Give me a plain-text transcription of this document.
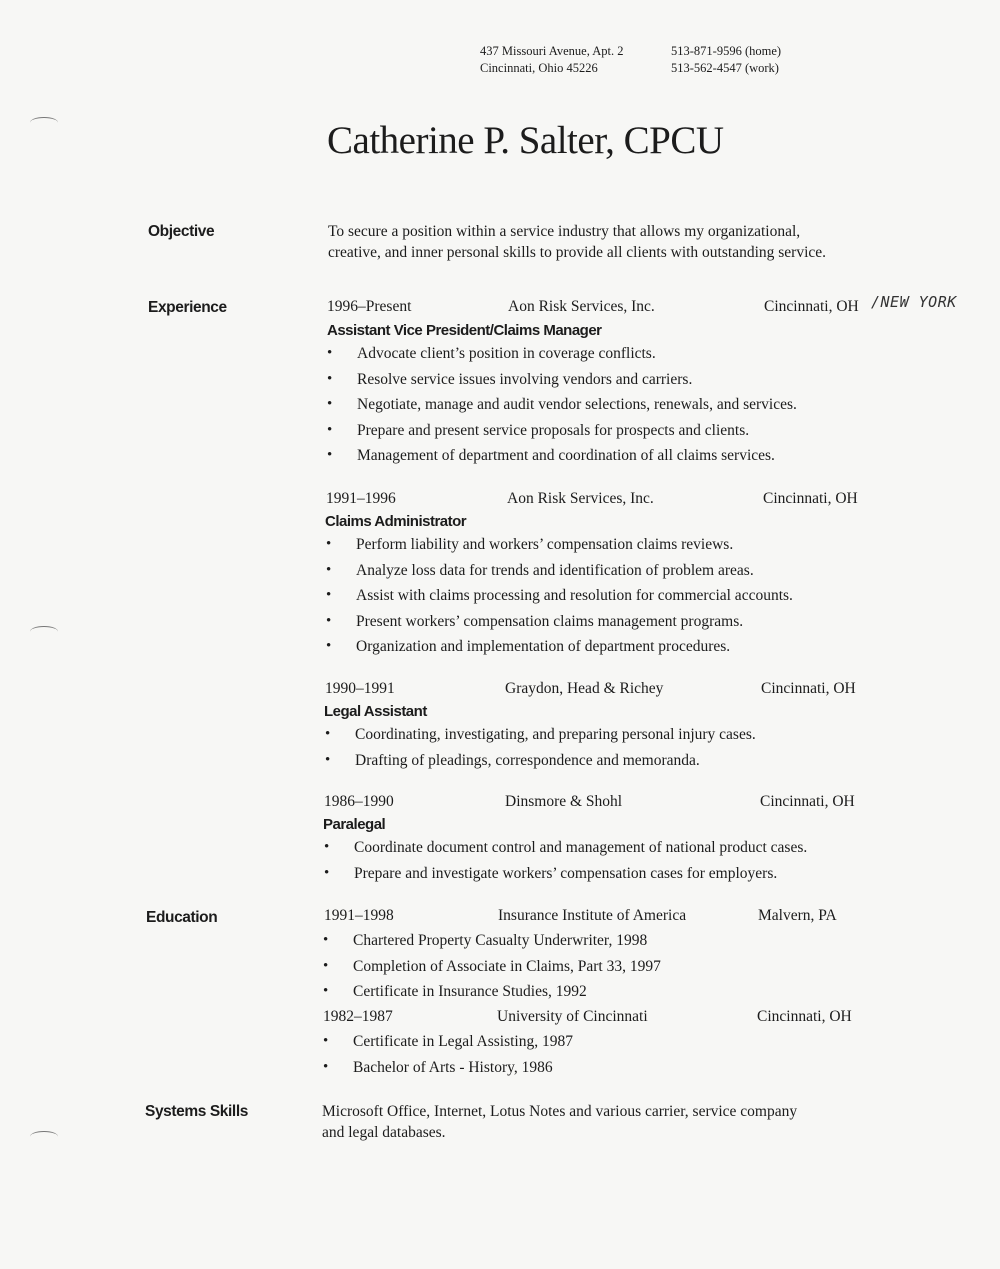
437 Missouri Avenue, Apt. 2
Cincinnati, Ohio 45226
513-871-9596 (home)
513-562-4547 (work)
Catherine P. Salter, CPCU
Objective	To secure a position within a service industry that allows my organizational,
creative, and inner personal skills to provide all clients with outstanding service.
Experience	/NEW YORK
1996–Present	Aon Risk Services, Inc.	Cincinnati, OH
Assistant Vice President/Claims Manager
• Advocate client’s position in coverage conflicts.
• Resolve service issues involving vendors and carriers.
• Negotiate, manage and audit vendor selections, renewals, and services.
• Prepare and present service proposals for prospects and clients.
• Management of department and coordination of all claims services.
1991–1996	Aon Risk Services, Inc.	Cincinnati, OH
Claims Administrator
• Perform liability and workers’ compensation claims reviews.
• Analyze loss data for trends and identification of problem areas.
• Assist with claims processing and resolution for commercial accounts.
• Present workers’ compensation claims management programs.
• Organization and implementation of department procedures.
1990–1991	Graydon, Head & Richey	Cincinnati, OH
Legal Assistant
• Coordinating, investigating, and preparing personal injury cases.
• Drafting of pleadings, correspondence and memoranda.
1986–1990	Dinsmore & Shohl	Cincinnati, OH
Paralegal
• Coordinate document control and management of national product cases.
• Prepare and investigate workers’ compensation cases for employers.
Education	1991–1998	Insurance Institute of America	Malvern, PA
• Chartered Property Casualty Underwriter, 1998
• Completion of Associate in Claims, Part 33, 1997
• Certificate in Insurance Studies, 1992
1982–1987	University of Cincinnati	Cincinnati, OH
• Certificate in Legal Assisting, 1987
• Bachelor of Arts - History, 1986
Systems Skills	Microsoft Office, Internet, Lotus Notes and various carrier, service company
and legal databases.
